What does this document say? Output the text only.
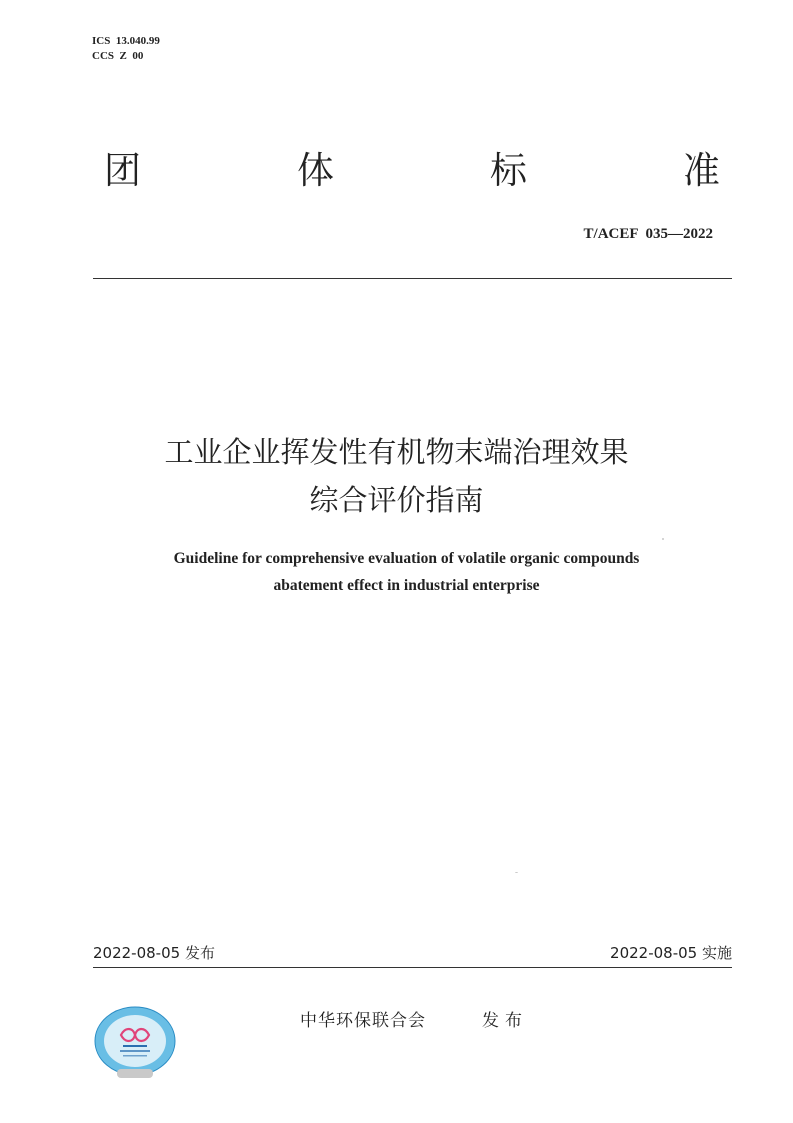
ICS  13.040.99
CCS  Z  00
团	体	标	准
T/ACEF  035—2022
工业企业挥发性有机物末端治理效果
综合评价指南
Guideline for comprehensive evaluation of volatile organic compounds
abatement effect in industrial enterprise
2022-08-05 发布	2022-08-05 实施
中华环保联合会	发布
